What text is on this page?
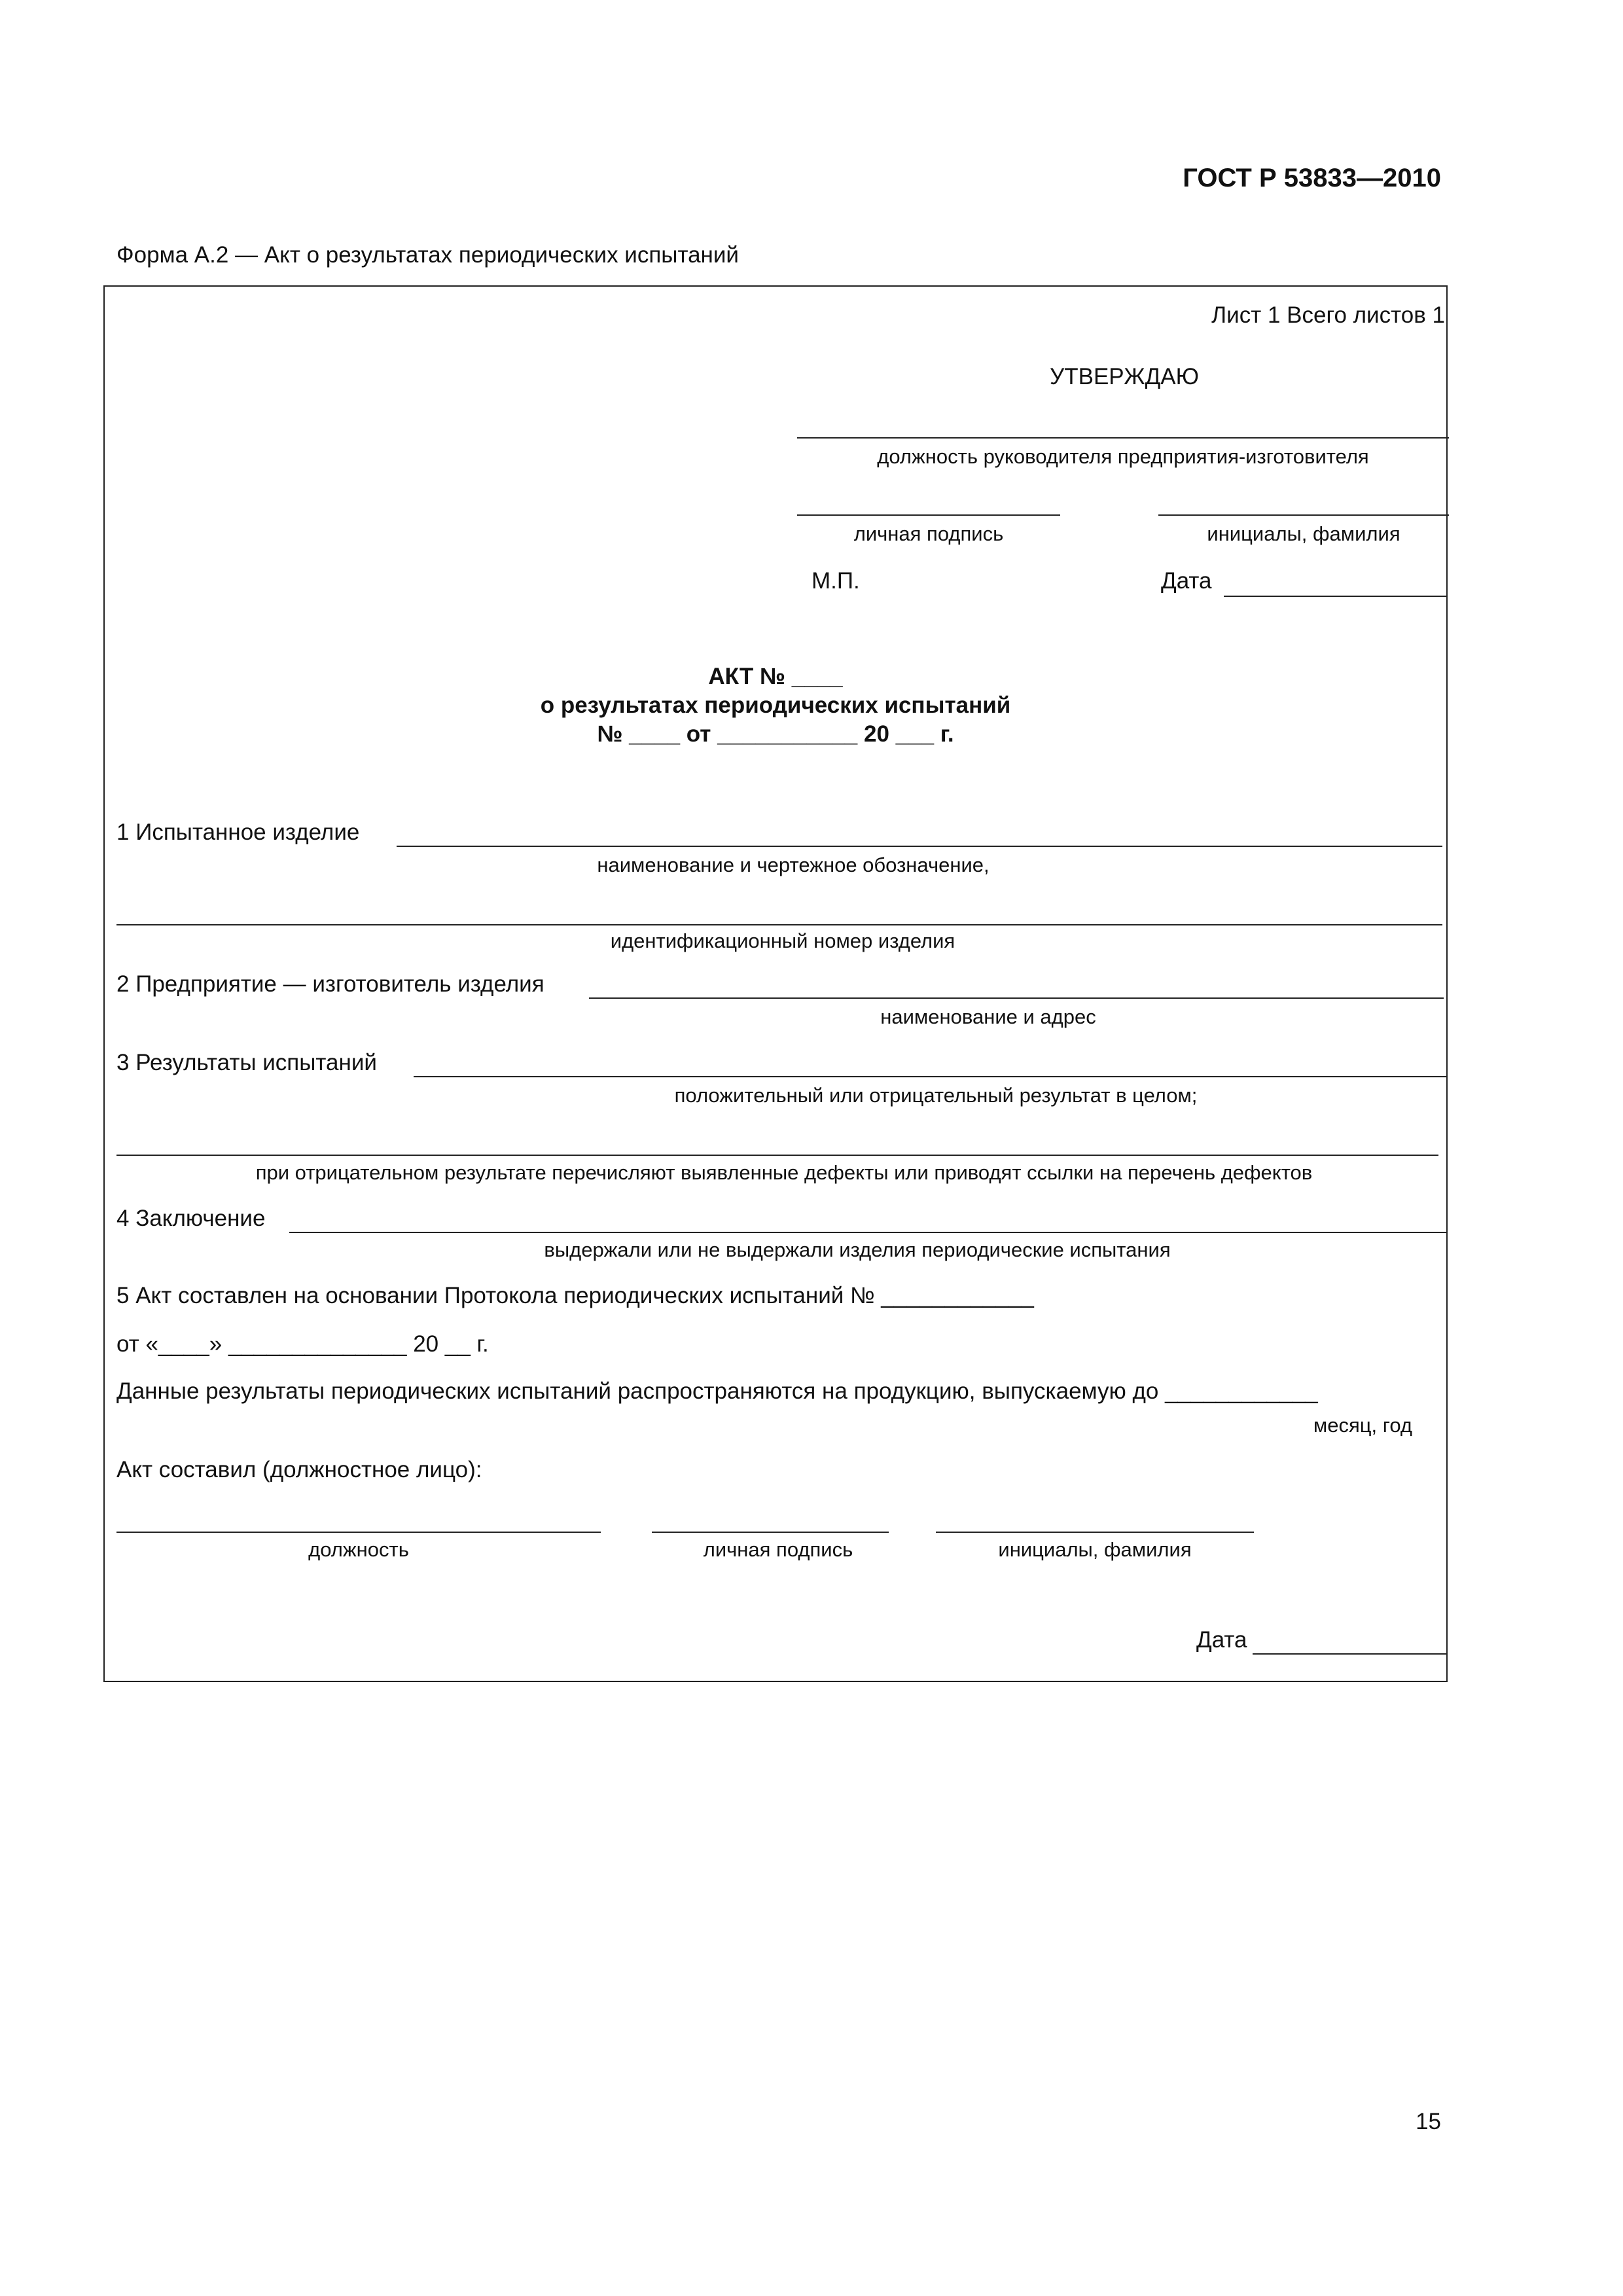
ГОСТ Р 53833—2010
Форма А.2 — Акт о результатах периодических испытаний
Лист 1 Всего листов 1
УТВЕРЖДАЮ
должность руководителя предприятия-изготовителя
личная подпись	инициалы, фамилия
М.П.	Дата
АКТ № ____
о результатах периодических испытаний
№ ____ от ___________ 20 ___ г.
1 Испытанное изделие
наименование и чертежное обозначение,
идентификационный номер изделия
2 Предприятие — изготовитель изделия
наименование и адрес
3 Результаты испытаний
положительный или отрицательный результат в целом;
при отрицательном результате перечисляют выявленные дефекты или приводят ссылки на перечень дефектов
4 Заключение
выдержали или не выдержали изделия периодические испытания
5 Акт составлен на основании Протокола периодических испытаний № ____________
от «____» ______________ 20 __ г.
Данные результаты периодических испытаний распространяются на продукцию, выпускаемую до ____________
месяц, год
Акт составил (должностное лицо):
должность	личная подпись	инициалы, фамилия
Дата
15
